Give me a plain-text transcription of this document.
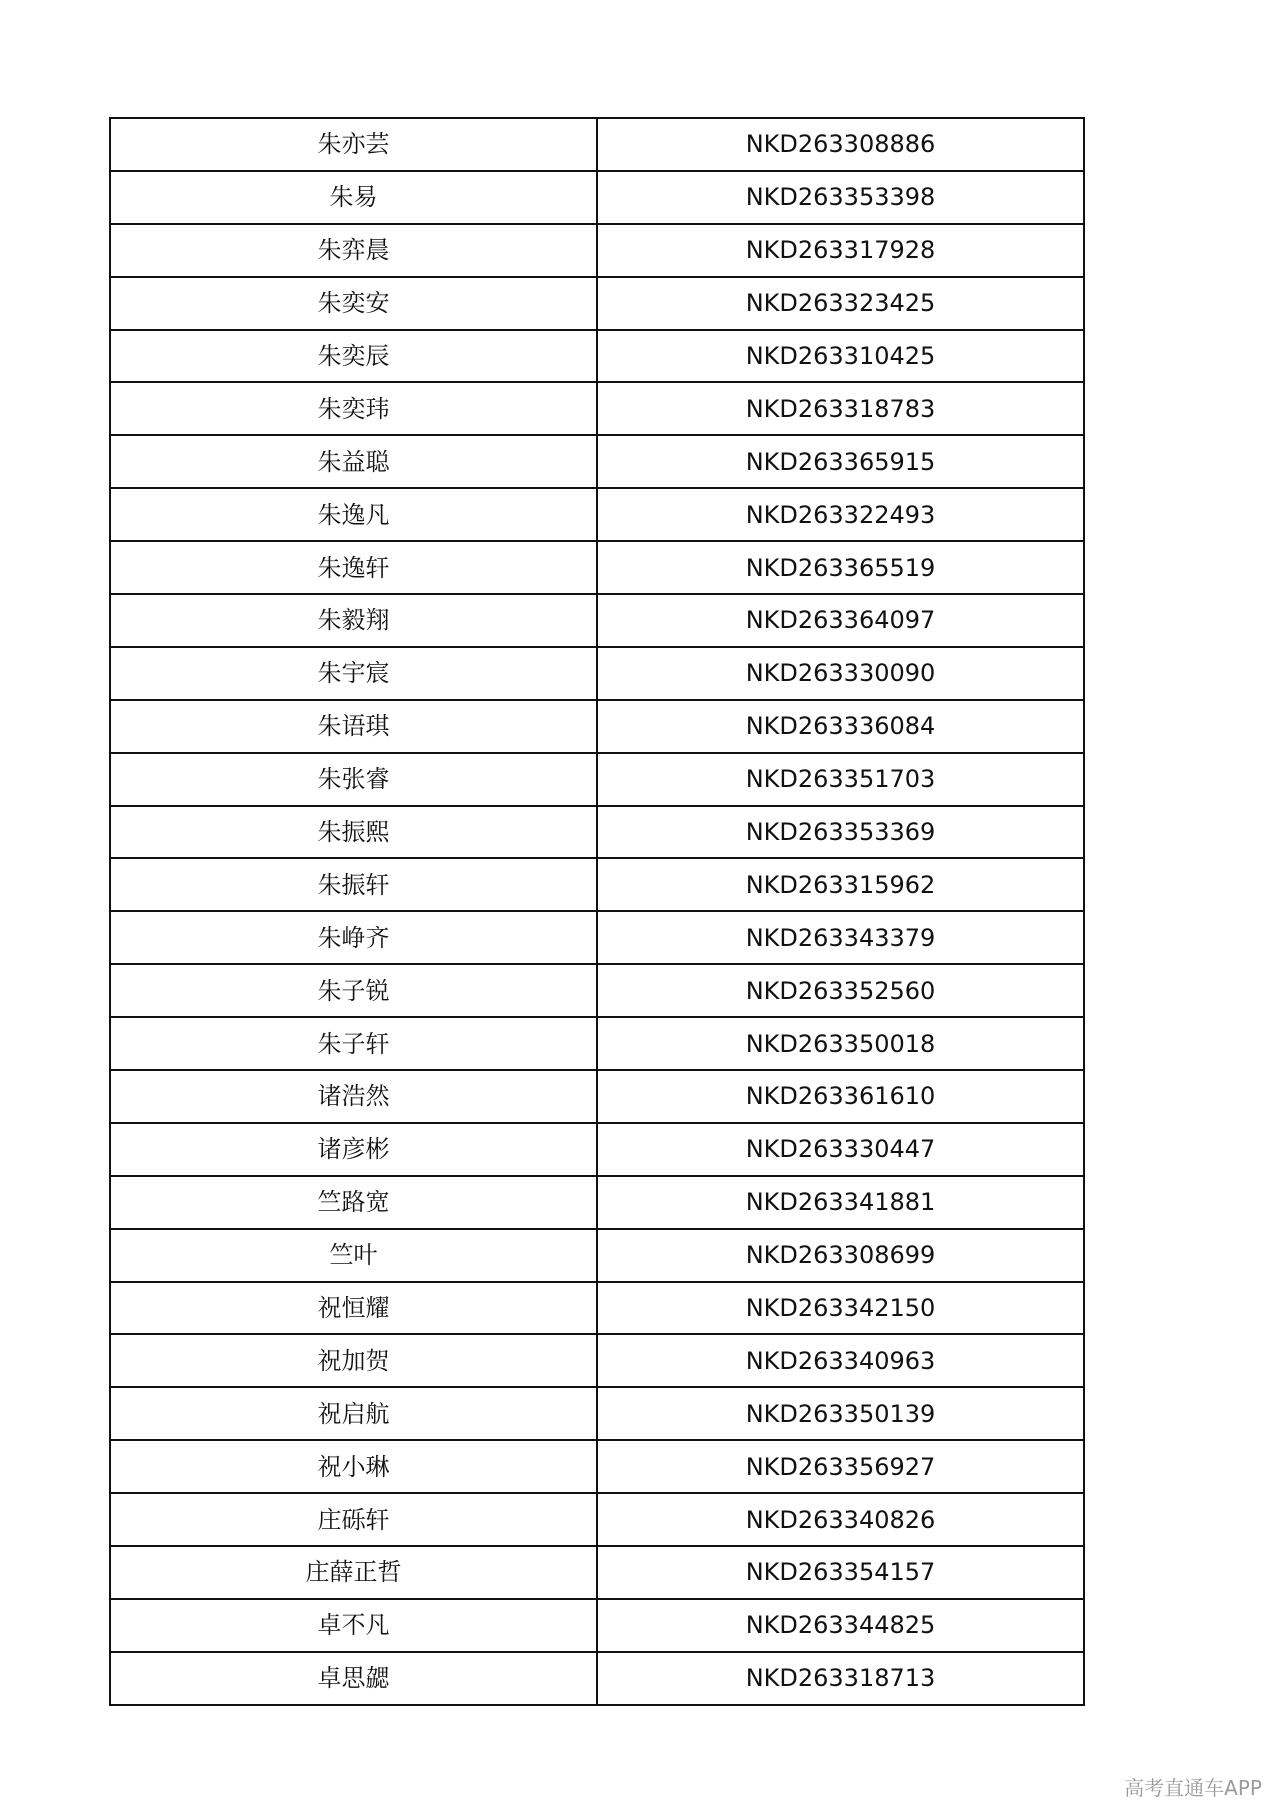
朱亦芸	NKD263308886
朱易	NKD263353398
朱弈晨	NKD263317928
朱奕安	NKD263323425
朱奕辰	NKD263310425
朱奕玮	NKD263318783
朱益聪	NKD263365915
朱逸凡	NKD263322493
朱逸轩	NKD263365519
朱毅翔	NKD263364097
朱宇宸	NKD263330090
朱语琪	NKD263336084
朱张睿	NKD263351703
朱振熙	NKD263353369
朱振轩	NKD263315962
朱峥齐	NKD263343379
朱子锐	NKD263352560
朱子轩	NKD263350018
诸浩然	NKD263361610
诸彦彬	NKD263330447
竺路宽	NKD263341881
竺叶	NKD263308699
祝恒耀	NKD263342150
祝加贺	NKD263340963
祝启航	NKD263350139
祝小琳	NKD263356927
庄砾轩	NKD263340826
庄薛正哲	NKD263354157
卓不凡	NKD263344825
卓思勰	NKD263318713
高考直通车APP
